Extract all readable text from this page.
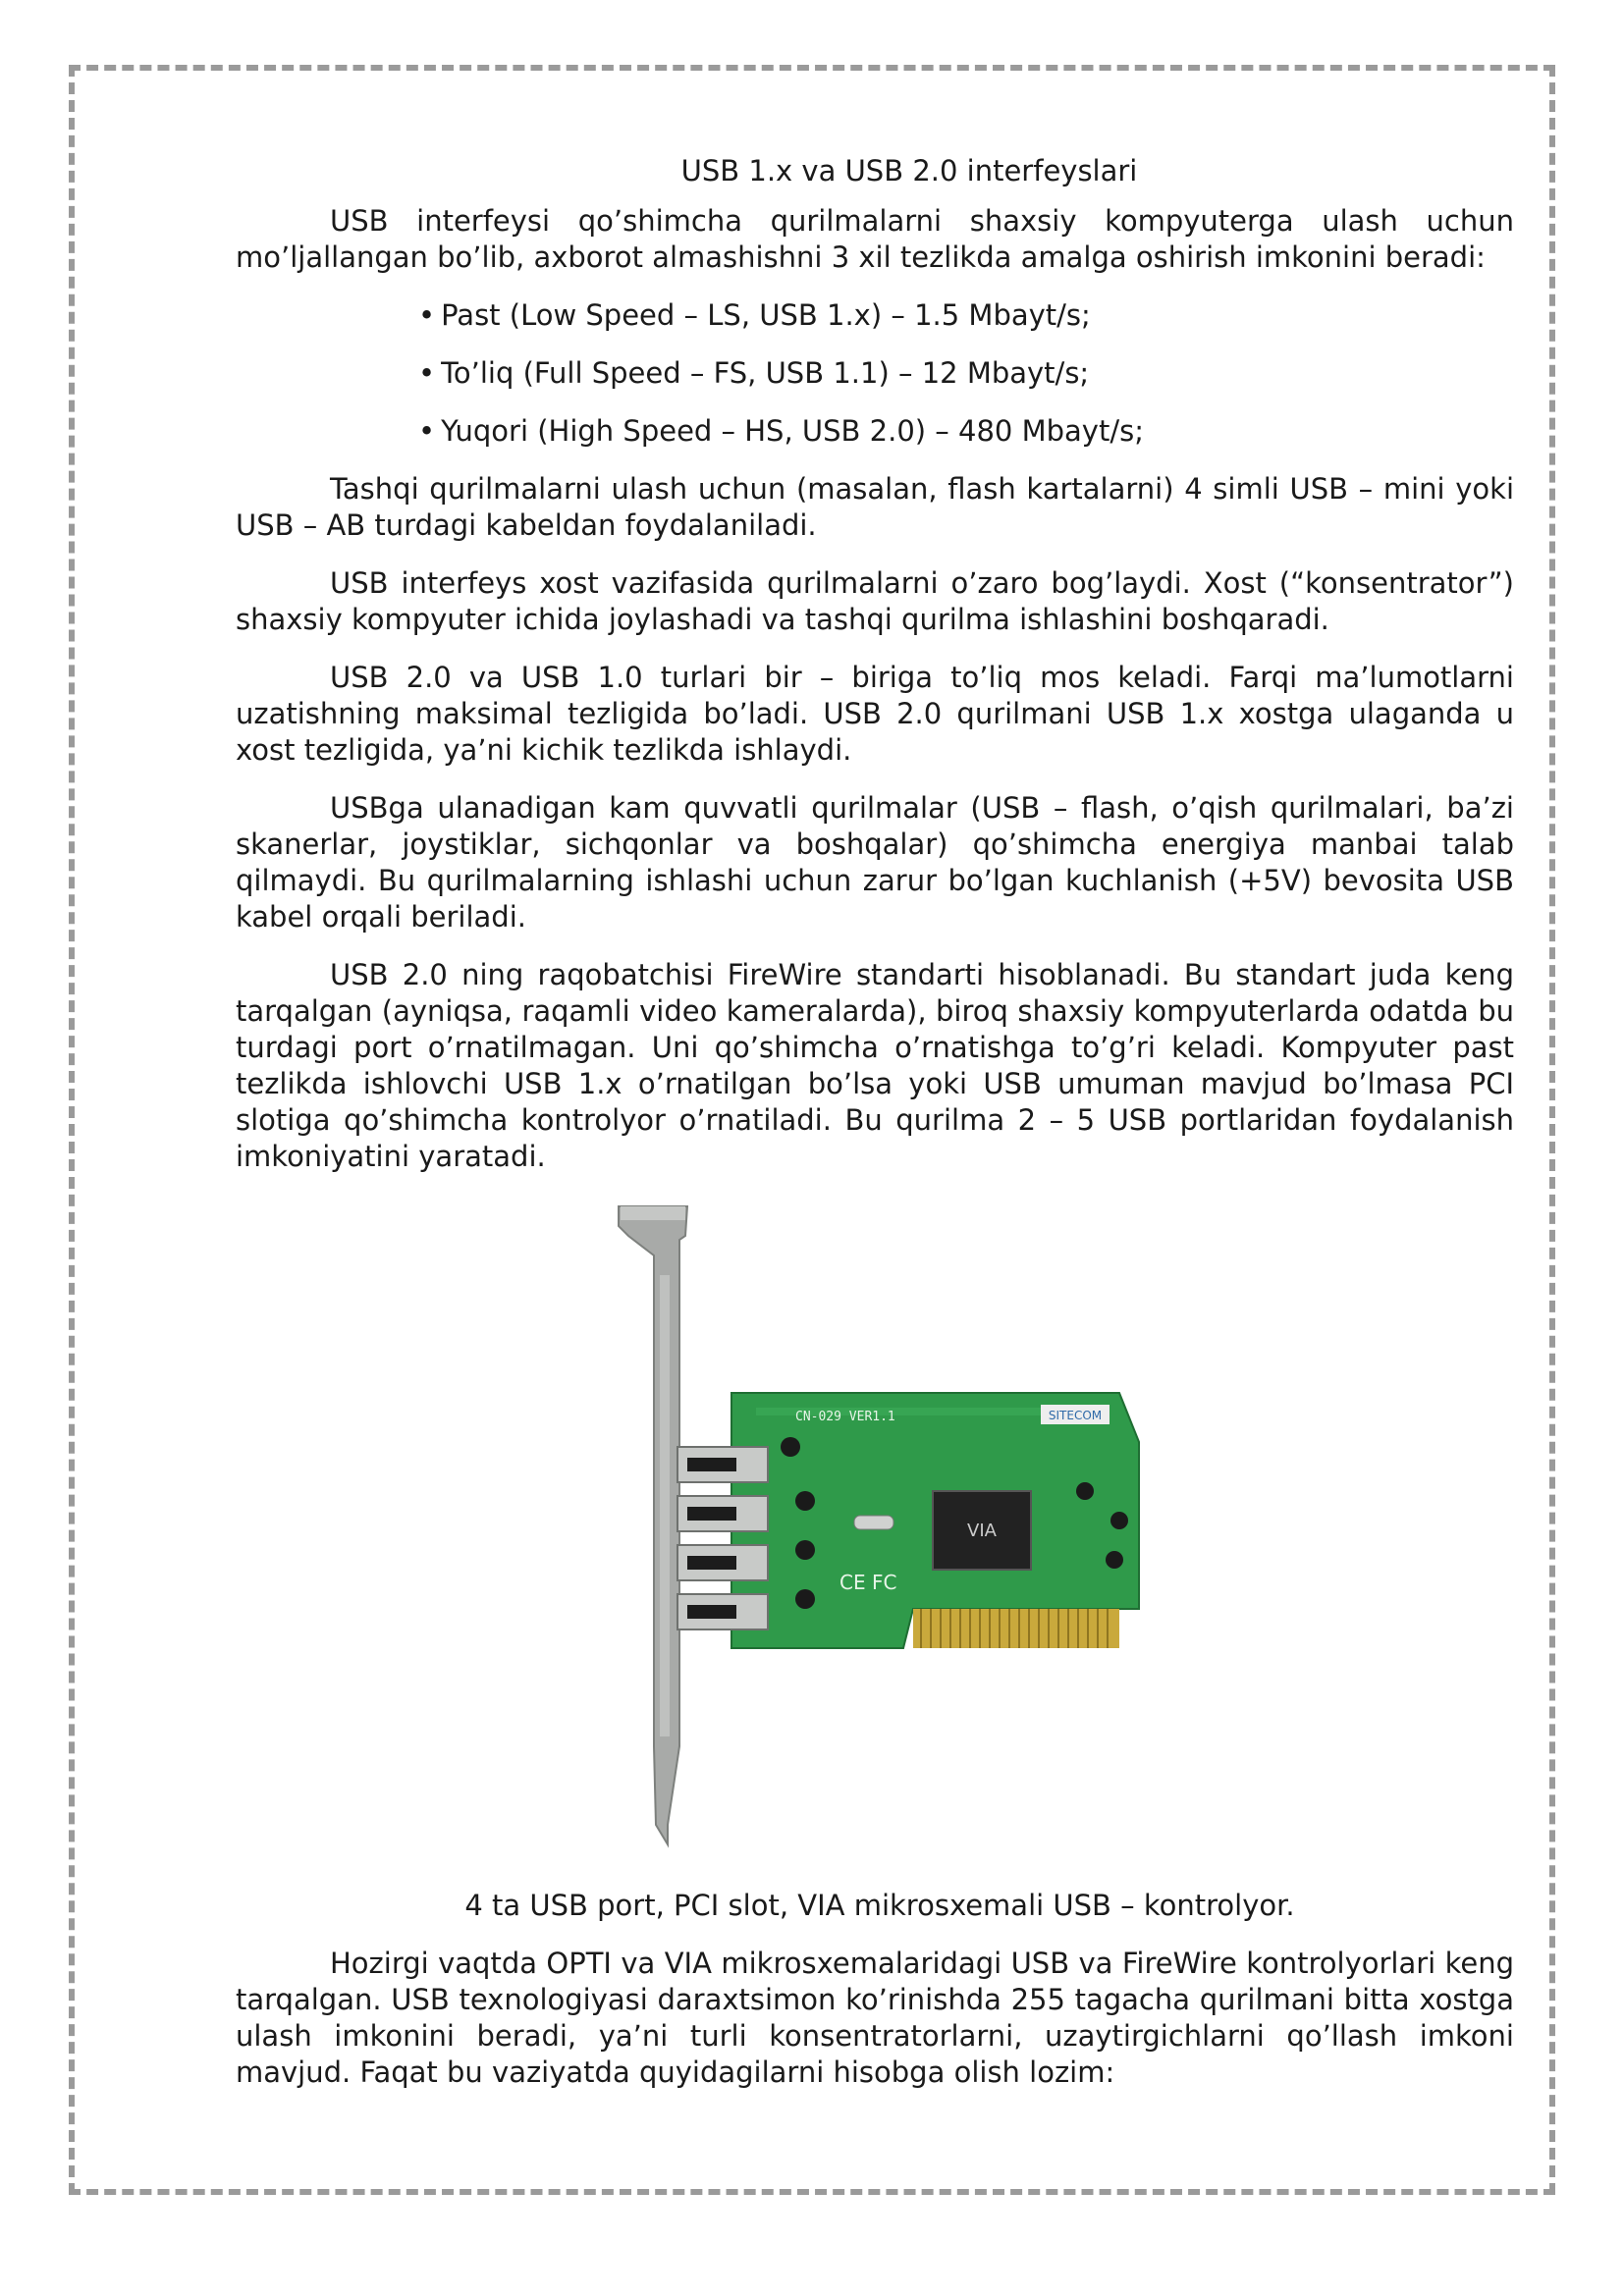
USB 1.x va USB 2.0 interfeyslari

USB interfeysi qo’shimcha qurilmalarni shaxsiy kompyuterga ulash uchun mo’ljallangan bo’lib, axborot almashishni 3 xil tezlikda amalga oshirish imkonini beradi:

• Past (Low Speed – LS, USB 1.x) – 1.5 Mbayt/s;
• To’liq (Full Speed – FS, USB 1.1) – 12 Mbayt/s;
• Yuqori (High Speed – HS, USB 2.0) – 480 Mbayt/s;

Tashqi qurilmalarni ulash uchun (masalan, flash kartalarni) 4 simli USB – mini yoki USB – AB turdagi kabeldan foydalaniladi.

USB interfeys xost vazifasida qurilmalarni o’zaro bog’laydi. Xost (“konsentrator”) shaxsiy kompyuter ichida joylashadi va tashqi qurilma ishlashini boshqaradi.

USB 2.0 va USB 1.0 turlari bir – biriga to’liq mos keladi. Farqi ma’lumotlarni uzatishning maksimal tezligida bo’ladi. USB 2.0 qurilmani USB 1.x xostga ulaganda u xost tezligida, ya’ni kichik tezlikda ishlaydi.

USBga ulanadigan kam quvvatli qurilmalar (USB – flash, o’qish qurilmalari, ba’zi skanerlar, joystiklar, sichqonlar va boshqalar) qo’shimcha energiya manbai talab qilmaydi. Bu qurilmalarning ishlashi uchun zarur bo’lgan kuchlanish (+5V) bevosita USB kabel orqali beriladi.

USB 2.0 ning raqobatchisi FireWire standarti hisoblanadi. Bu standart juda keng tarqalgan (ayniqsa, raqamli video kameralarda), biroq shaxsiy kompyuterlarda odatda bu turdagi port o’rnatilmagan. Uni qo’shimcha o’rnatishga to’g’ri keladi. Kompyuter past tezlikda ishlovchi USB 1.x o’rnatilgan bo’lsa yoki USB umuman mavjud bo’lmasa PCI slotiga qo’shimcha kontrolyor o’rnatiladi. Bu qurilma 2 – 5 USB portlaridan foydalanish imkoniyatini yaratadi.

VIA
CN-029 VER1.1	SITECOM
CE FC
4 ta USB port, PCI slot, VIA mikrosxemali USB – kontrolyor.

Hozirgi vaqtda OPTI va VIA mikrosxemalaridagi USB va FireWire kontrolyorlari keng tarqalgan. USB texnologiyasi daraxtsimon ko’rinishda 255 tagacha qurilmani bitta xostga ulash imkonini beradi, ya’ni turli konsentratorlarni, uzaytirgichlarni qo’llash imkoni mavjud. Faqat bu vaziyatda quyidagilarni hisobga olish lozim:
